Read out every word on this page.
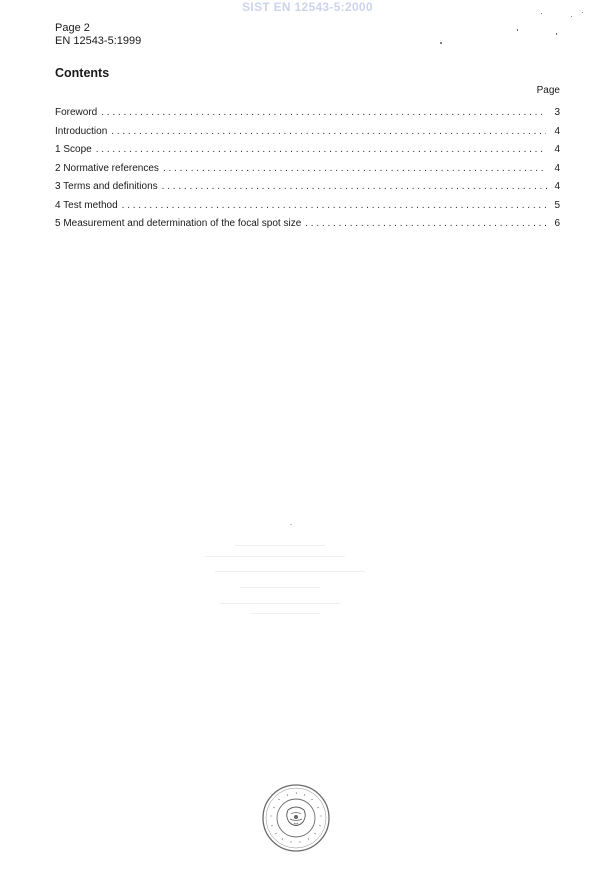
SIST EN 12543-5:2000
Page 2
EN 12543-5:1999
Contents
Page
Foreword . . .	3
Introduction . . .	4
1 Scope . . .	4
2 Normative references . . .	4
3 Terms and definitions . . .	4
4 Test method . . .	5
5 Measurement and determination of the focal spot size . . .	6
